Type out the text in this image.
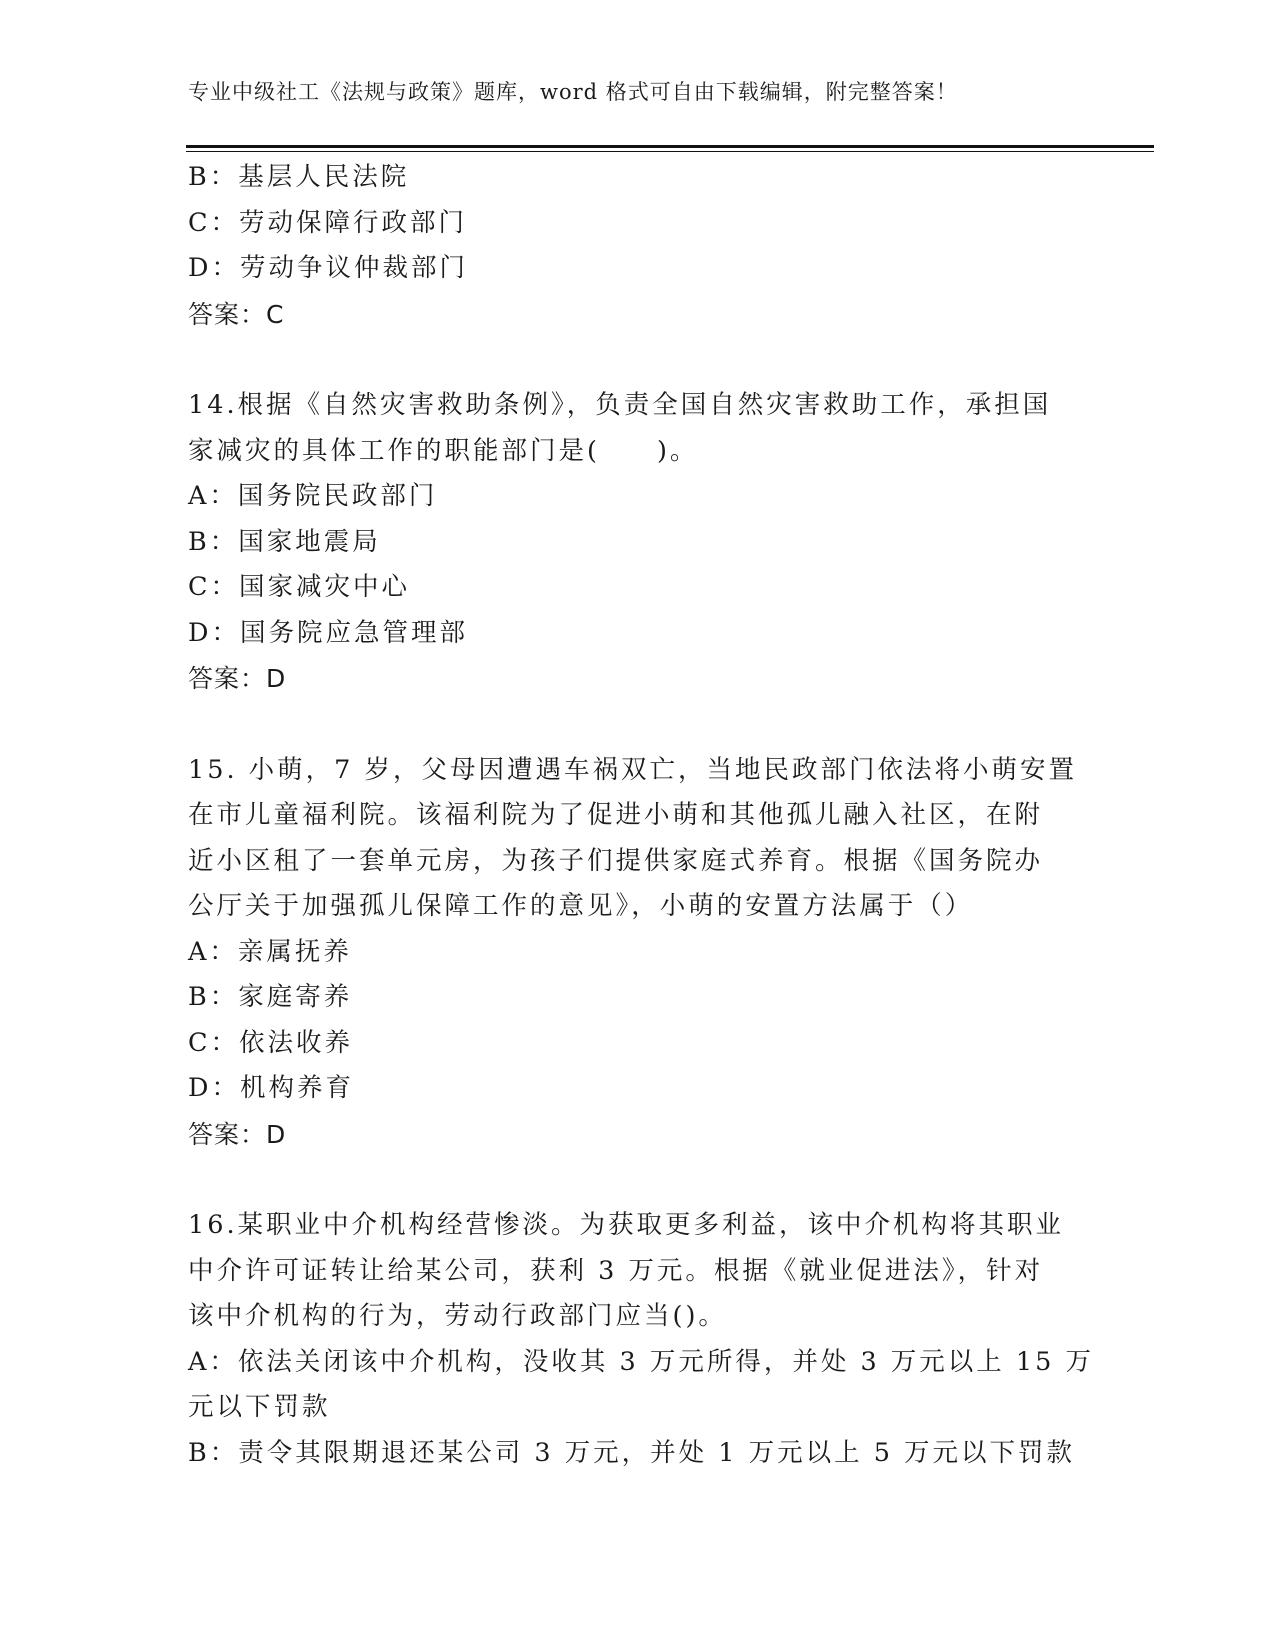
专业中级社工《法规与政策》题库，word 格式可自由下载编辑，附完整答案！
B：基层人民法院
C：劳动保障行政部门
D：劳动争议仲裁部门
答案：C
14.根据《自然灾害救助条例》，负责全国自然灾害救助工作，承担国
家减灾的具体工作的职能部门是(　　)。
A：国务院民政部门
B：国家地震局
C：国家减灾中心
D：国务院应急管理部
答案：D
15. 小萌，7 岁，父母因遭遇车祸双亡，当地民政部门依法将小萌安置
在市儿童福利院。该福利院为了促进小萌和其他孤儿融入社区，在附
近小区租了一套单元房，为孩子们提供家庭式养育。根据《国务院办
公厅关于加强孤儿保障工作的意见》，小萌的安置方法属于（）
A：亲属抚养
B：家庭寄养
C：依法收养
D：机构养育
答案：D
16.某职业中介机构经营惨淡。为获取更多利益，该中介机构将其职业
中介许可证转让给某公司，获利 3 万元。根据《就业促进法》，针对
该中介机构的行为，劳动行政部门应当()。
A：依法关闭该中介机构，没收其 3 万元所得，并处 3 万元以上 15 万
元以下罚款
B：责令其限期退还某公司 3 万元，并处 1 万元以上 5 万元以下罚款
